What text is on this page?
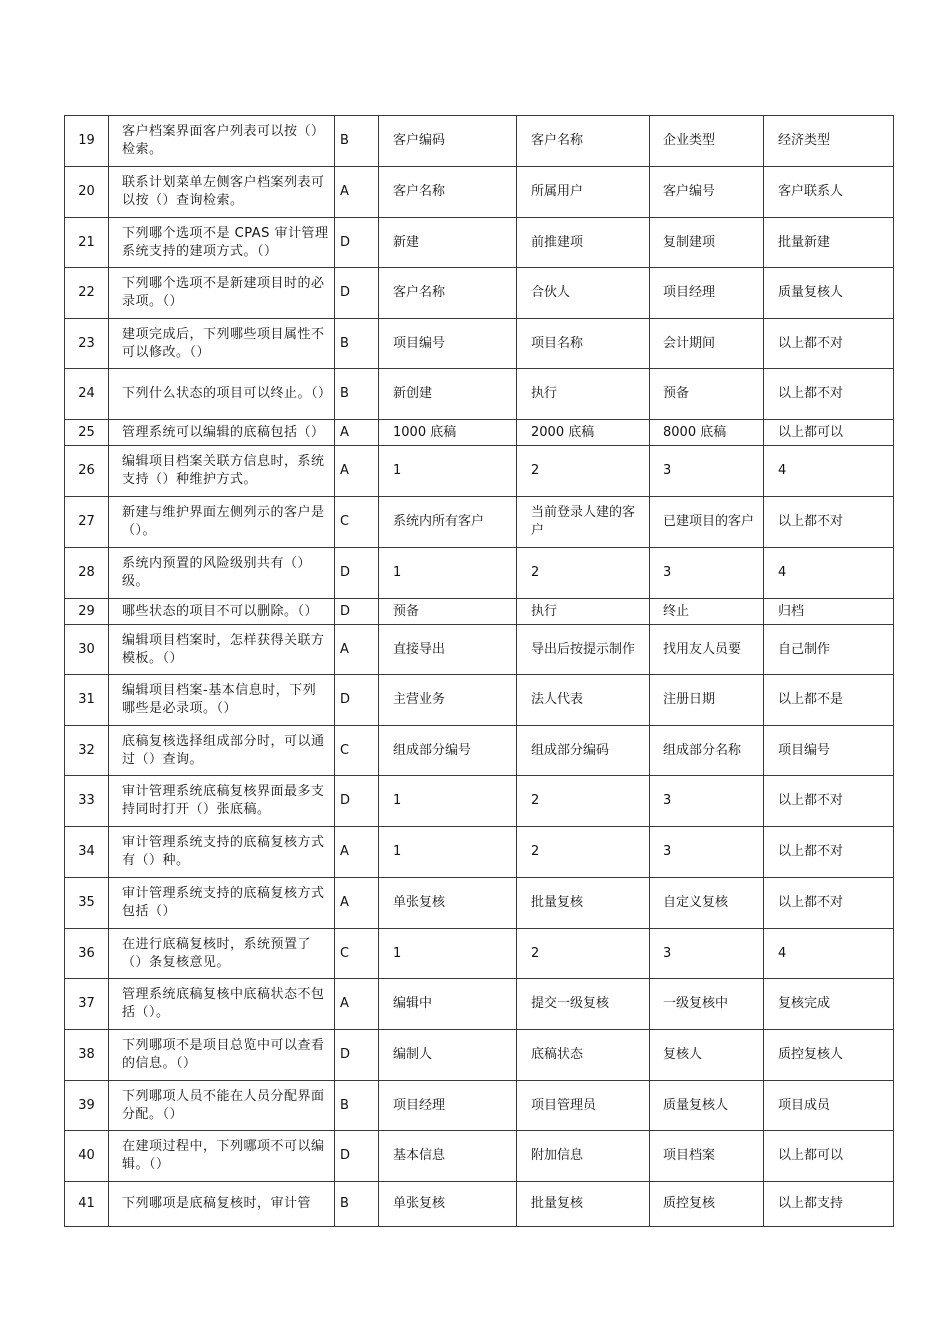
19	客户档案界面客户列表可以按（）检索。	B	客户编码	客户名称	企业类型	经济类型
20	联系计划菜单左侧客户档案列表可以按（）查询检索。	A	客户名称	所属用户	客户编号	客户联系人
21	下列哪个选项不是 CPAS 审计管理系统支持的建项方式。（）	D	新建	前推建项	复制建项	批量新建
22	下列哪个选项不是新建项目时的必录项。（）	D	客户名称	合伙人	项目经理	质量复核人
23	建项完成后，下列哪些项目属性不可以修改。（）	B	项目编号	项目名称	会计期间	以上都不对
24	下列什么状态的项目可以终止。（）	B	新创建	执行	预备	以上都不对
25	管理系统可以编辑的底稿包括（）	A	1000 底稿	2000 底稿	8000 底稿	以上都可以
26	编辑项目档案关联方信息时，系统支持（）种维护方式。	A	1	2	3	4
27	新建与维护界面左侧列示的客户是（）。	C	系统内所有客户	当前登录人建的客户	已建项目的客户	以上都不对
28	系统内预置的风险级别共有（）级。	D	1	2	3	4
29	哪些状态的项目不可以删除。（）	D	预备	执行	终止	归档
30	编辑项目档案时，怎样获得关联方模板。（）	A	直接导出	导出后按提示制作	找用友人员要	自己制作
31	编辑项目档案-基本信息时，下列哪些是必录项。（）	D	主营业务	法人代表	注册日期	以上都不是
32	底稿复核选择组成部分时，可以通过（）查询。	C	组成部分编号	组成部分编码	组成部分名称	项目编号
33	审计管理系统底稿复核界面最多支持同时打开（）张底稿。	D	1	2	3	以上都不对
34	审计管理系统支持的底稿复核方式有（）种。	A	1	2	3	以上都不对
35	审计管理系统支持的底稿复核方式包括（）	A	单张复核	批量复核	自定义复核	以上都不对
36	在进行底稿复核时，系统预置了（）条复核意见。	C	1	2	3	4
37	管理系统底稿复核中底稿状态不包括（）。	A	编辑中	提交一级复核	一级复核中	复核完成
38	下列哪项不是项目总览中可以查看的信息。（）	D	编制人	底稿状态	复核人	质控复核人
39	下列哪项人员不能在人员分配界面分配。（）	B	项目经理	项目管理员	质量复核人	项目成员
40	在建项过程中，下列哪项不可以编辑。（）	D	基本信息	附加信息	项目档案	以上都可以
41	下列哪项是底稿复核时，审计管	B	单张复核	批量复核	质控复核	以上都支持
